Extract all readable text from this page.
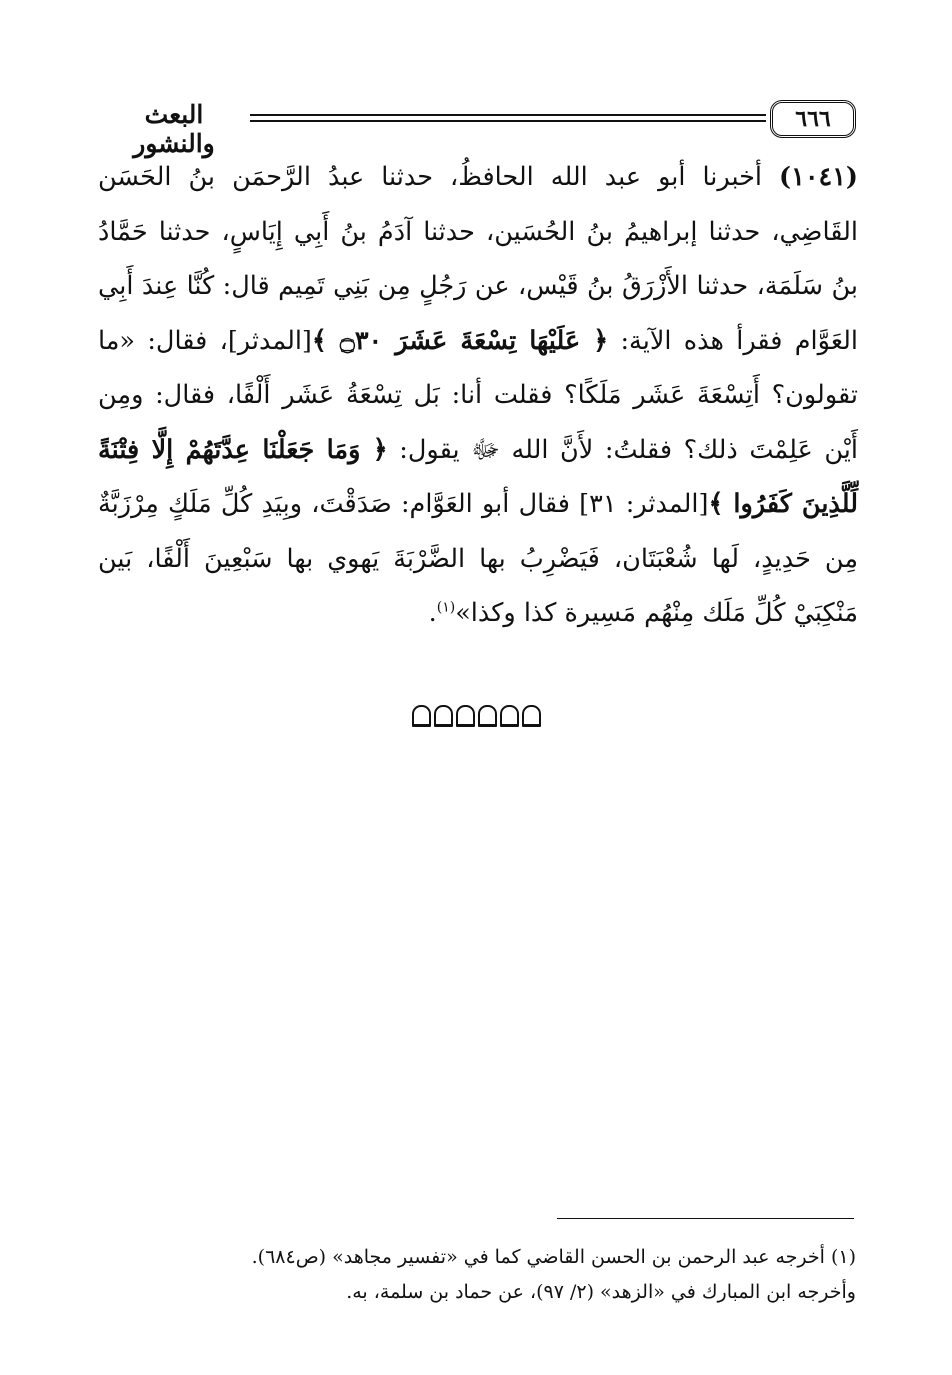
٦٦٦
البعث والنشور
(١٠٤١) أخبرنا أبو عبد الله الحافظُ، حدثنا عبدُ الرَّحمَن بنُ الحَسَن القَاضِي، حدثنا إبراهيمُ بنُ الحُسَين، حدثنا آدَمُ بنُ أَبِي إِيَاسٍ، حدثنا حَمَّادُ بنُ سَلَمَة، حدثنا الأَزْرَقُ بنُ قَيْس، عن رَجُلٍ مِن بَنِي تَمِيم قال: كُنَّا عِندَ أَبِي العَوَّام فقرأ هذه الآية: ﴿ عَلَيْهَا تِسْعَةَ عَشَرَ ۝٣٠ ﴾[المدثر]، فقال: «ما تقولون؟ أَتِسْعَةَ عَشَر مَلَكًا؟ فقلت أنا: بَل تِسْعَةُ عَشَر أَلْفًا، فقال: ومِن أَيْن عَلِمْتَ ذلك؟ فقلتُ: لأَنَّ الله ﷻ يقول: ﴿ وَمَا جَعَلْنَا عِدَّتَهُمْ إِلَّا فِتْنَةً لِّلَّذِينَ كَفَرُوا ﴾[المدثر: ٣١] فقال أبو العَوَّام: صَدَقْتَ، وبِيَدِ كُلِّ مَلَكٍ مِرْزَبَّةٌ مِن حَدِيدٍ، لَها شُعْبَتَان، فَيَضْرِبُ بها الضَّرْبَةَ يَهوي بها سَبْعِينَ أَلْفًا، بَين مَنْكِبَيْ كُلِّ مَلَك مِنْهُم مَسِيرة كذا وكذا»$^{(١)}$.
(١) أخرجه عبد الرحمن بن الحسن القاضي كما في «تفسير مجاهد» (ص٦٨٤).
وأخرجه ابن المبارك في «الزهد» (٢/ ٩٧)، عن حماد بن سلمة، به.
